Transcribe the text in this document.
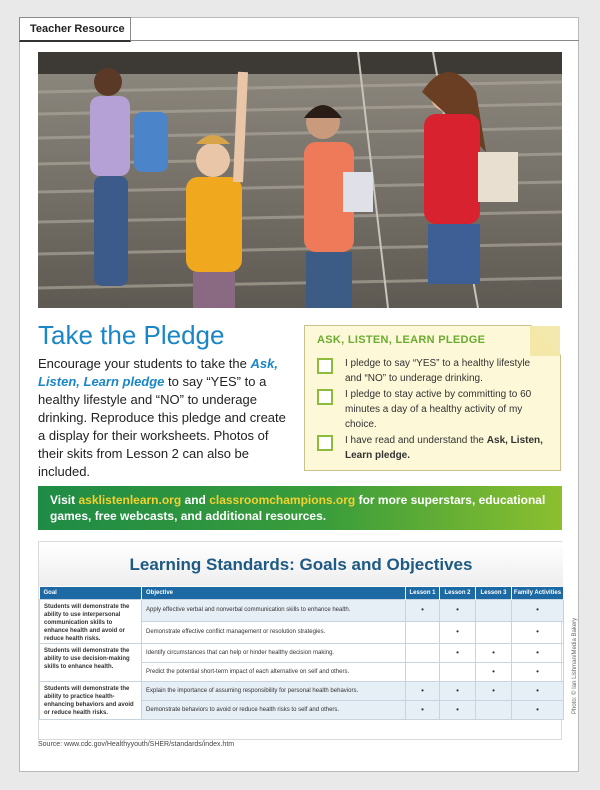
Teacher Resource
Take the Pledge
Encourage your students to take the Ask, Listen, Learn pledge to say “YES” to a healthy lifestyle and “NO” to underage drinking. Reproduce this pledge and create a display for their worksheets. Photos of their skits from Lesson 2 can also be included.
ASK, LISTEN, LEARN PLEDGE
I pledge to say “YES” to a healthy lifestyle and “NO” to underage drinking.
I pledge to stay active by committing to 60 minutes a day of a healthy activity of my choice.
I have read and understand the Ask, Listen, Learn pledge.
Visit asklistenlearn.org and classroomchampions.org for more superstars, educational games, free webcasts, and additional resources.
Learning Standards: Goals and Objectives
Goal	Objective	Lesson 1	Lesson 2	Lesson 3	Family Activities
Students will demonstrate the ability to use interpersonal communication skills to enhance health and avoid or reduce health risks.	Apply effective verbal and nonverbal communication skills to enhance health.	•	•		•
	Demonstrate effective conflict management or resolution strategies.		•		•
Students will demonstrate the ability to use decision-making skills to enhance health.	Identify circumstances that can help or hinder healthy decision making.		•	•	•
	Predict the potential short-term impact of each alternative on self and others.			•	•
Students will demonstrate the ability to practice health-enhancing behaviors and avoid or reduce health risks.	Explain the importance of assuming responsibility for personal health behaviors.	•	•	•	•
	Demonstrate behaviors to avoid or reduce health risks to self and others.	•	•		•
Source: www.cdc.gov/Healthyyouth/SHER/standards/index.htm
Photo: © Ian Lishman/Media Bakery
